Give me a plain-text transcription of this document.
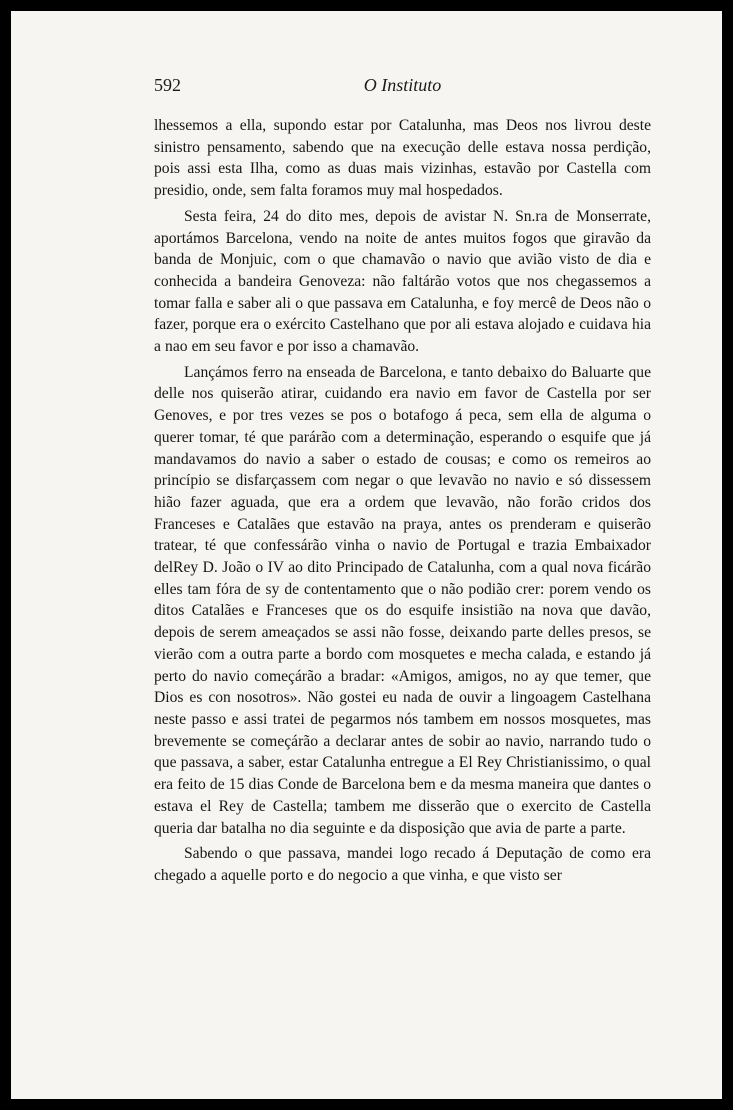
592	O Instituto

lhessemos a ella, supondo estar por Catalunha, mas Deos nos livrou deste sinistro pensamento, sabendo que na execução delle estava nossa perdição, pois assi esta Ilha, como as duas mais vizinhas, estavão por Castella com presidio, onde, sem falta foramos muy mal hospedados.

Sesta feira, 24 do dito mes, depois de avistar N. Sn.ra de Monserrate, aportámos Barcelona, vendo na noite de antes muitos fogos que giravão da banda de Monjuic, com o que chamavão o navio que avião visto de dia e conhecida a bandeira Genoveza: não faltárão votos que nos chegassemos a tomar falla e saber ali o que passava em Catalunha, e foy mercê de Deos não o fazer, porque era o exército Castelhano que por ali estava alojado e cuidava hia a nao em seu favor e por isso a chamavão.

Lançámos ferro na enseada de Barcelona, e tanto debaixo do Baluarte que delle nos quiserão atirar, cuidando era navio em favor de Castella por ser Genoves, e por tres vezes se pos o botafogo á peca, sem ella de alguma o querer tomar, té que parárão com a determinação, esperando o esquife que já mandavamos do navio a saber o estado de cousas; e como os remeiros ao princípio se disfarçassem com negar o que levavão no navio e só dissessem hião fazer aguada, que era a ordem que levavão, não forão cridos dos Franceses e Catalães que estavão na praya, antes os prenderam e quiserão tratear, té que confessárão vinha o navio de Portugal e trazia Embaixador delRey D. João o IV ao dito Principado de Catalunha, com a qual nova ficárão elles tam fóra de sy de contentamento que o não podião crer: porem vendo os ditos Catalães e Franceses que os do esquife insistião na nova que davão, depois de serem ameaçados se assi não fosse, deixando parte delles presos, se vierão com a outra parte a bordo com mosquetes e mecha calada, e estando já perto do navio começárão a bradar: «Amigos, amigos, no ay que temer, que Dios es con nosotros». Não gostei eu nada de ouvir a lingoagem Castelhana neste passo e assi tratei de pegarmos nós tambem em nossos mosquetes, mas brevemente se começárão a declarar antes de sobir ao navio, narrando tudo o que passava, a saber, estar Catalunha entregue a El Rey Christianissimo, o qual era feito de 15 dias Conde de Barcelona bem e da mesma maneira que dantes o estava el Rey de Castella; tambem me disserão que o exercito de Castella queria dar batalha no dia seguinte e da disposição que avia de parte a parte.

Sabendo o que passava, mandei logo recado á Deputação de como era chegado a aquelle porto e do negocio a que vinha, e que visto ser
